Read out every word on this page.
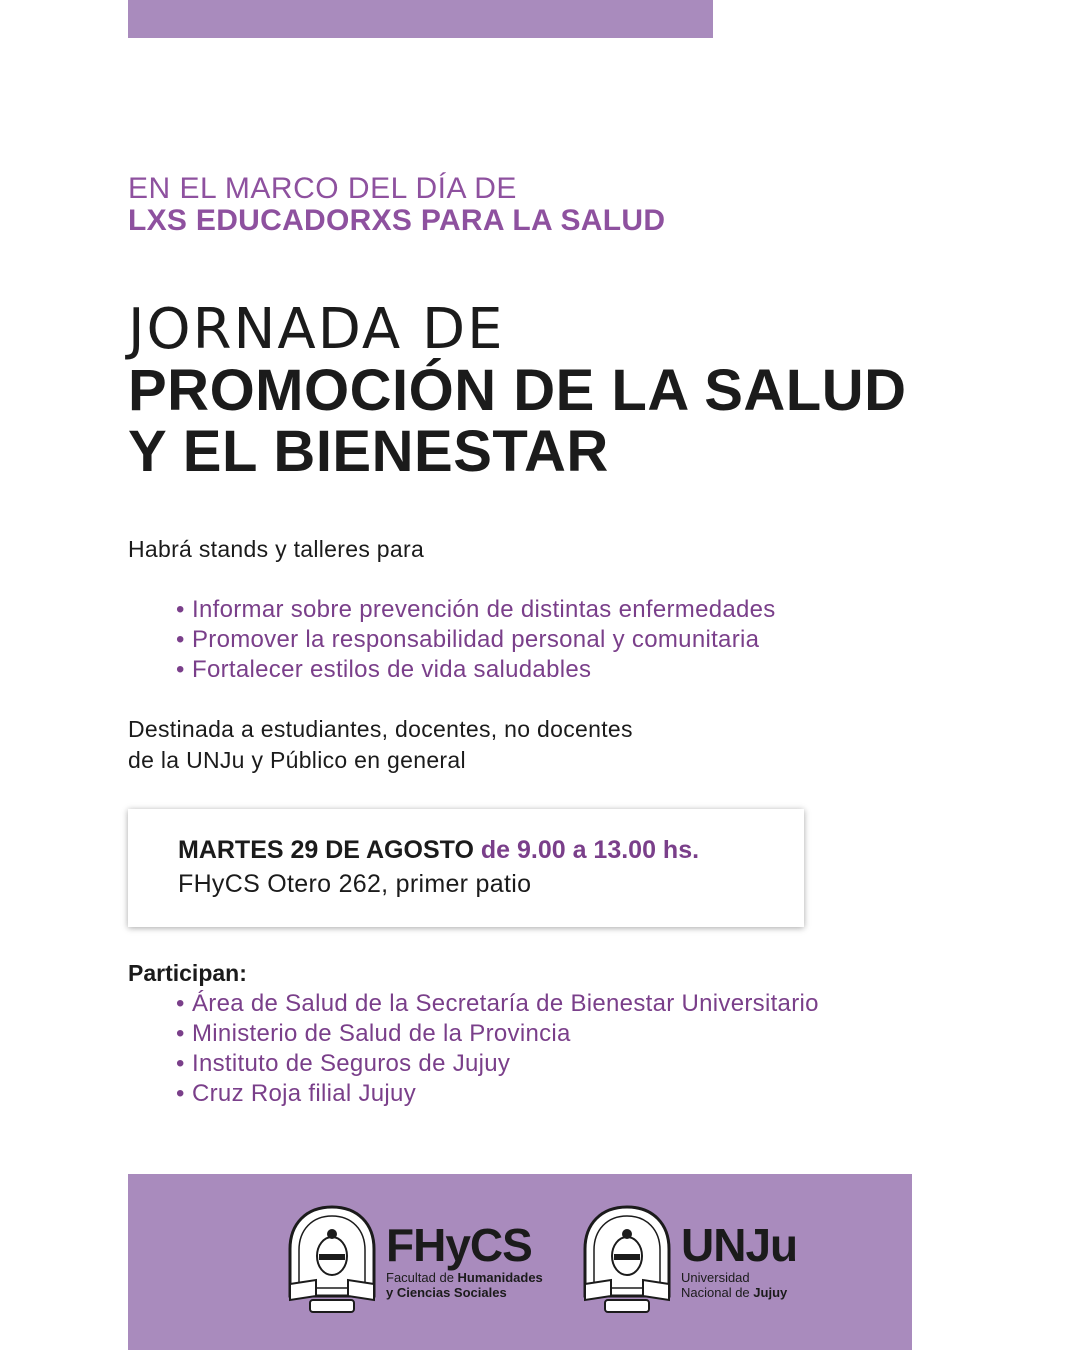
EN EL MARCO DEL DÍA DE
LXS EDUCADORXS PARA LA SALUD
JORNADA DE
PROMOCIÓN DE LA SALUD
Y EL BIENESTAR
Habrá stands y talleres para
• Informar sobre prevención de distintas enfermedades
• Promover la responsabilidad personal y comunitaria
• Fortalecer estilos de vida saludables
Destinada a estudiantes, docentes, no docentes
de la UNJu y Público en general
MARTES 29 DE AGOSTO de 9.00 a 13.00 hs.
FHyCS Otero 262, primer patio
Participan:
• Área de Salud de la Secretaría de Bienestar Universitario
• Ministerio de Salud de la Provincia
• Instituto de Seguros de Jujuy
• Cruz Roja filial Jujuy
FHyCS
Facultad de Humanidades
y Ciencias Sociales
UNJu
Universidad
Nacional de Jujuy
